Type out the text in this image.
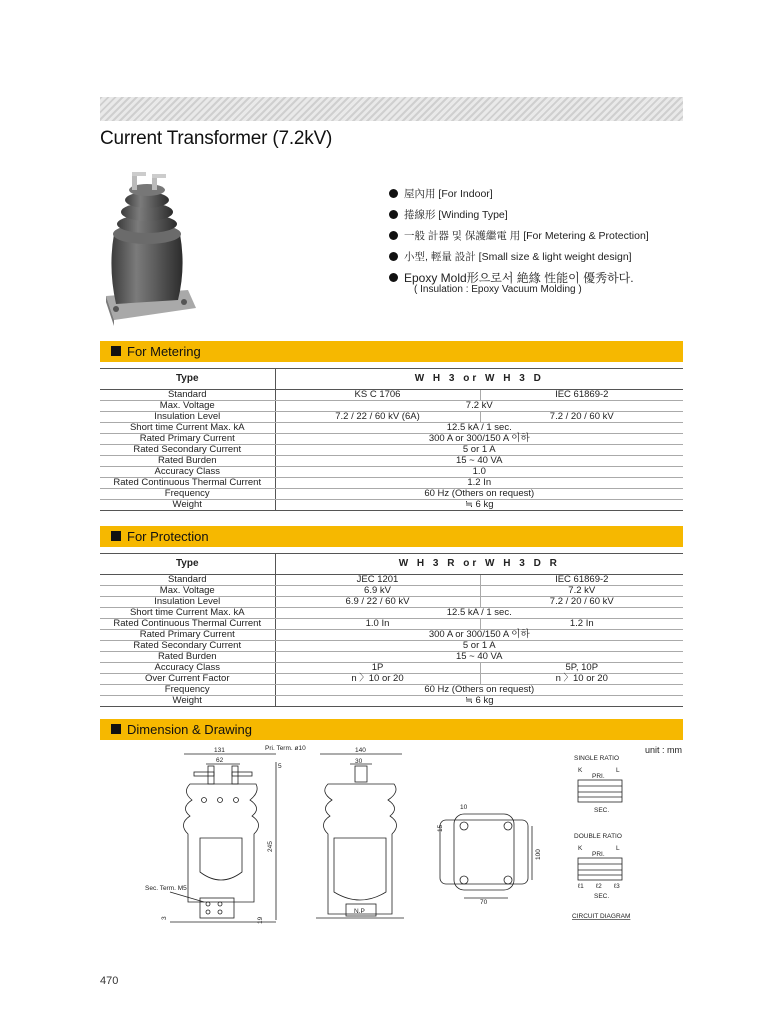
Current Transformer (7.2kV)
屋內用 [For Indoor]
捲線形 [Winding Type]
一般 計器 및 保護繼電 用 [For Metering & Protection]
小型, 輕量 設計 [Small size & light weight design]
Epoxy Mold形으로서 絶緣 性能이 優秀하다.
( Insulation : Epoxy Vacuum Molding )
For Metering
Type	W H 3 or W H 3 D	
Standard	KS C 1706	IEC 61869-2
Max. Voltage	7.2 kV	
Insulation Level	7.2 / 22 / 60 kV (6A)	7.2 / 20 / 60 kV
Short time Current Max. kA	12.5 kA / 1 sec.	
Rated Primary Current	300 A or 300/150 A 이하	
Rated Secondary Current	5 or 1 A	
Rated Burden	15 ~ 40 VA	
Accuracy Class	1.0	
Rated Continuous Thermal Current	1.2 In	
Frequency	60 Hz (Others on request)	
Weight	≒ 6 kg	
For Protection
Type	W H 3 R or W H 3 D R	
Standard	JEC 1201	IEC 61869-2
Max. Voltage	6.9 kV	7.2 kV
Insulation Level	6.9 / 22 / 60 kV	7.2 / 20 / 60 kV
Short time Current Max. kA	12.5 kA / 1 sec.	
Rated Continuous Thermal Current	1.0 In	1.2 In
Rated Primary Current	300 A or 300/150 A 이하	
Rated Secondary Current	5 or 1 A	
Rated Burden	15 ~ 40 VA	
Accuracy Class	1P	5P, 10P
Over Current Factor	n 〉10 or 20	n 〉10 or 20
Frequency	60 Hz (Others on request)	
Weight	≒ 6 kg	
Dimension & Drawing
unit : mm
131
62
Pri. Term. ø10
245
5
Sec. Term. M5
3	19
140
30
N.P
10
15
100
70
SINGLE RATIO
K	L
PRI.
SEC.
DOUBLE RATIO
K	L
PRI.
ℓ1 ℓ2 ℓ3
SEC.
CIRCUIT DIAGRAM
470
